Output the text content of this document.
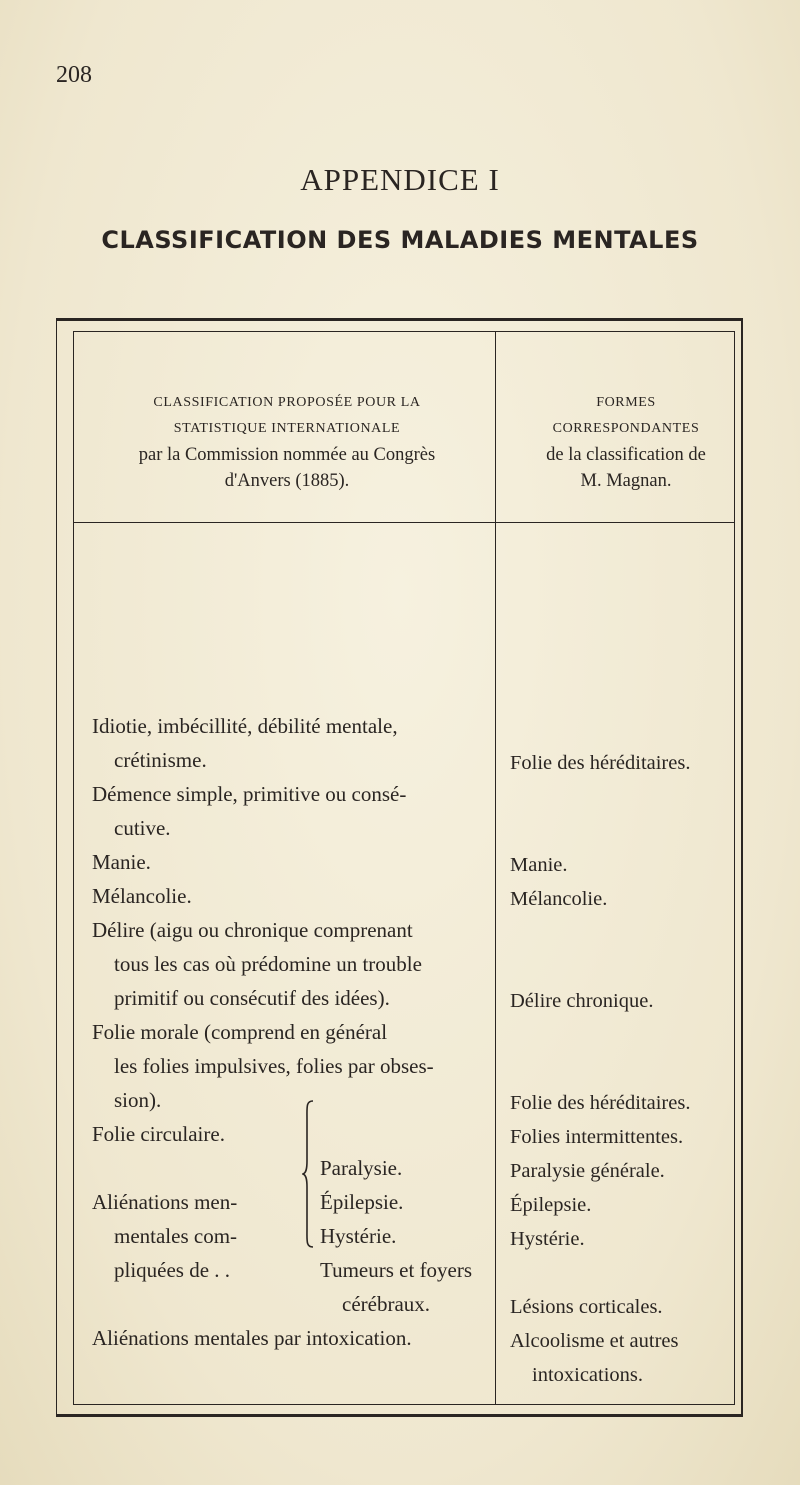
208
APPENDICE I
CLASSIFICATION DES MALADIES MENTALES
CLASSIFICATION PROPOSÉE POUR LA
STATISTIQUE INTERNATIONALE
par la Commission nommée au Congrès
d'Anvers (1885).
FORMES
CORRESPONDANTES
de la classification de
M. Magnan.
Idiotie, imbécillité, débilité mentale,
crétinisme.
Démence simple, primitive ou consé-
cutive.
Manie.
Mélancolie.
Délire (aigu ou chronique comprenant
tous les cas où prédomine un trouble
primitif ou consécutif des idées).
Folie morale (comprend en général
les folies impulsives, folies par obses-
sion).
Folie circulaire.
Aliénations men-
mentales com-
pliquées de . .
Aliénations mentales par intoxication.
Paralysie.
Épilepsie.
Hystérie.
Tumeurs et foyers
cérébraux.
Folie des héréditaires.
Manie.
Mélancolie.
Délire chronique.
Folie des héréditaires.
Folies intermittentes.
Paralysie générale.
Épilepsie.
Hystérie.
Lésions corticales.
Alcoolisme et autres
intoxications.
